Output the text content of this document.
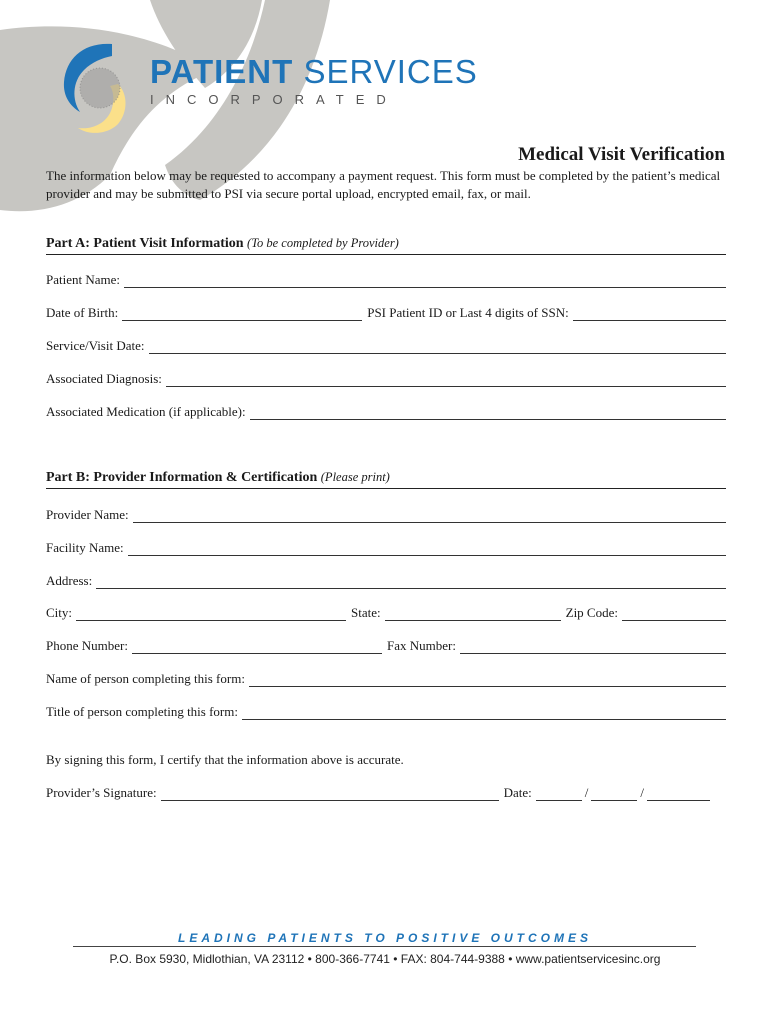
PATIENT SERVICES
INCORPORATED
Medical Visit Verification
The information below may be requested to accompany a payment request. This form must be completed by the patient’s medical provider and may be submitted to PSI via secure portal upload, encrypted email, fax, or mail.
Part A: Patient Visit Information (To be completed by Provider)
Patient Name:
Date of Birth:	PSI Patient ID or Last 4 digits of SSN:
Service/Visit Date:
Associated Diagnosis:
Associated Medication (if applicable):
Part B: Provider Information & Certification (Please print)
Provider Name:
Facility Name:
Address:
City:	State:	Zip Code:
Phone Number:	Fax Number:
Name of person completing this form:
Title of person completing this form:
By signing this form, I certify that the information above is accurate.
Provider’s Signature:	Date:	/	/
LEADING PATIENTS TO POSITIVE OUTCOMES
P.O. Box 5930, Midlothian, VA 23112 • 800-366-7741 • FAX: 804-744-9388 • www.patientservicesinc.org
